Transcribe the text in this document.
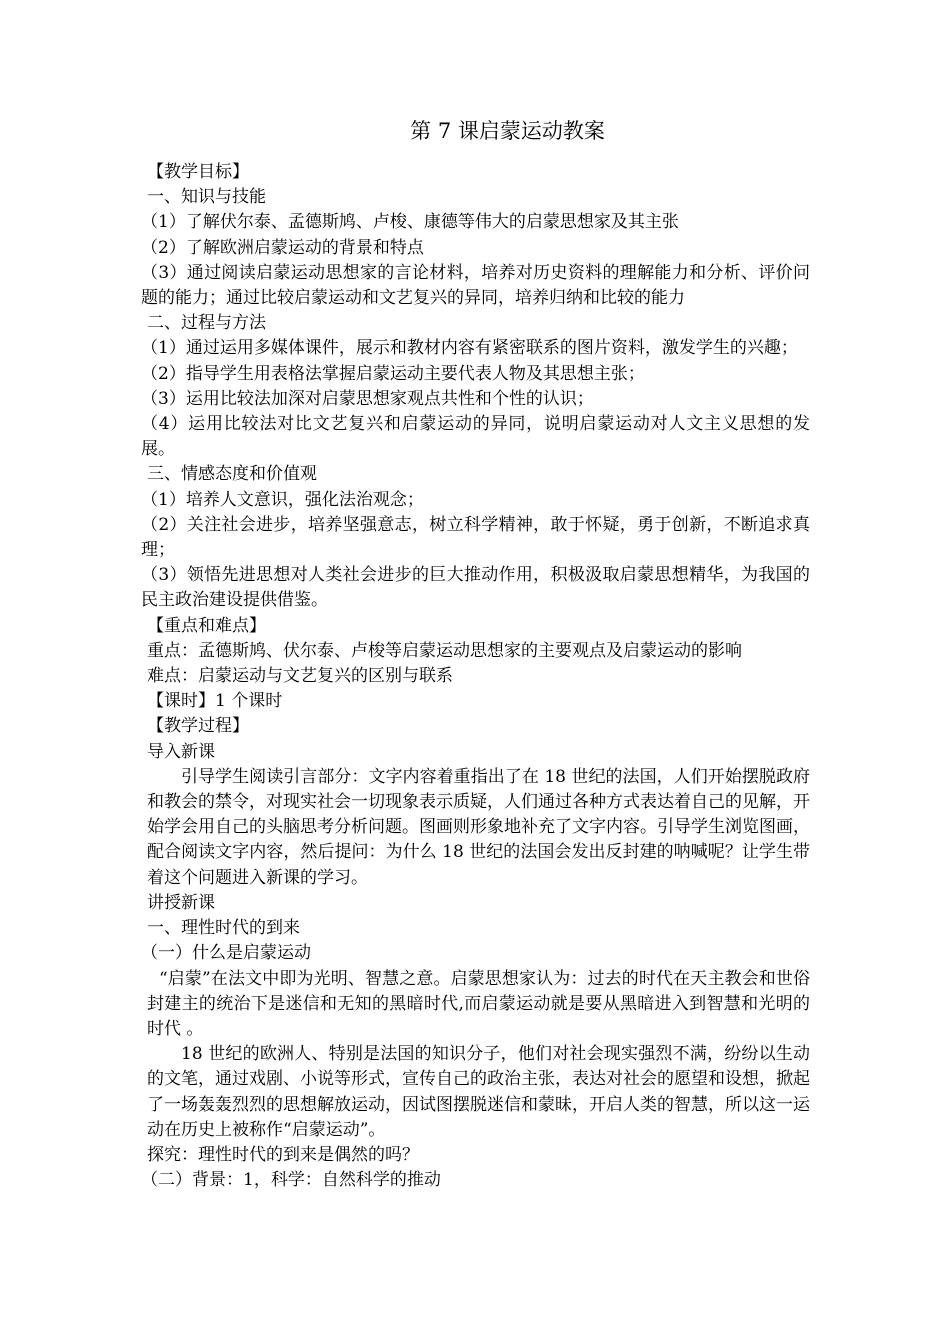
第 7 课启蒙运动教案

【教学目标】

一、知识与技能

（1）了解伏尔泰、孟德斯鸠、卢梭、康德等伟大的启蒙思想家及其主张

（2）了解欧洲启蒙运动的背景和特点

（3）通过阅读启蒙运动思想家的言论材料，培养对历史资料的理解能力和分析、评价问题的能力；通过比较启蒙运动和文艺复兴的异同，培养归纳和比较的能力

二、过程与方法

（1）通过运用多媒体课件，展示和教材内容有紧密联系的图片资料，激发学生的兴趣；

（2）指导学生用表格法掌握启蒙运动主要代表人物及其思想主张；

（3）运用比较法加深对启蒙思想家观点共性和个性的认识；

（4）运用比较法对比文艺复兴和启蒙运动的异同，说明启蒙运动对人文主义思想的发展。

三、情感态度和价值观

（1）培养人文意识，强化法治观念；

（2）关注社会进步，培养坚强意志，树立科学精神，敢于怀疑，勇于创新，不断追求真理；

（3）领悟先进思想对人类社会进步的巨大推动作用，积极汲取启蒙思想精华，为我国的民主政治建设提供借鉴。

【重点和难点】

重点：孟德斯鸠、伏尔泰、卢梭等启蒙运动思想家的主要观点及启蒙运动的影响

难点：启蒙运动与文艺复兴的区别与联系

【课时】1 个课时

【教学过程】

导入新课

引导学生阅读引言部分：文字内容着重指出了在 18 世纪的法国，人们开始摆脱政府和教会的禁令，对现实社会一切现象表示质疑，人们通过各种方式表达着自己的见解，开始学会用自己的头脑思考分析问题。图画则形象地补充了文字内容。引导学生浏览图画，配合阅读文字内容，然后提问：为什么 18 世纪的法国会发出反封建的呐喊呢？让学生带着这个问题进入新课的学习。

讲授新课

一、理性时代的到来

（一）什么是启蒙运动

“启蒙”在法文中即为光明、智慧之意。启蒙思想家认为：过去的时代在天主教会和世俗封建主的统治下是迷信和无知的黑暗时代,而启蒙运动就是要从黑暗进入到智慧和光明的时代 。

18 世纪的欧洲人、特别是法国的知识分子，他们对社会现实强烈不满，纷纷以生动的文笔，通过戏剧、小说等形式，宣传自己的政治主张，表达对社会的愿望和设想，掀起了一场轰轰烈烈的思想解放运动，因试图摆脱迷信和蒙昧，开启人类的智慧，所以这一运动在历史上被称作“启蒙运动”。

探究：理性时代的到来是偶然的吗？

（二）背景：1，科学：自然科学的推动
